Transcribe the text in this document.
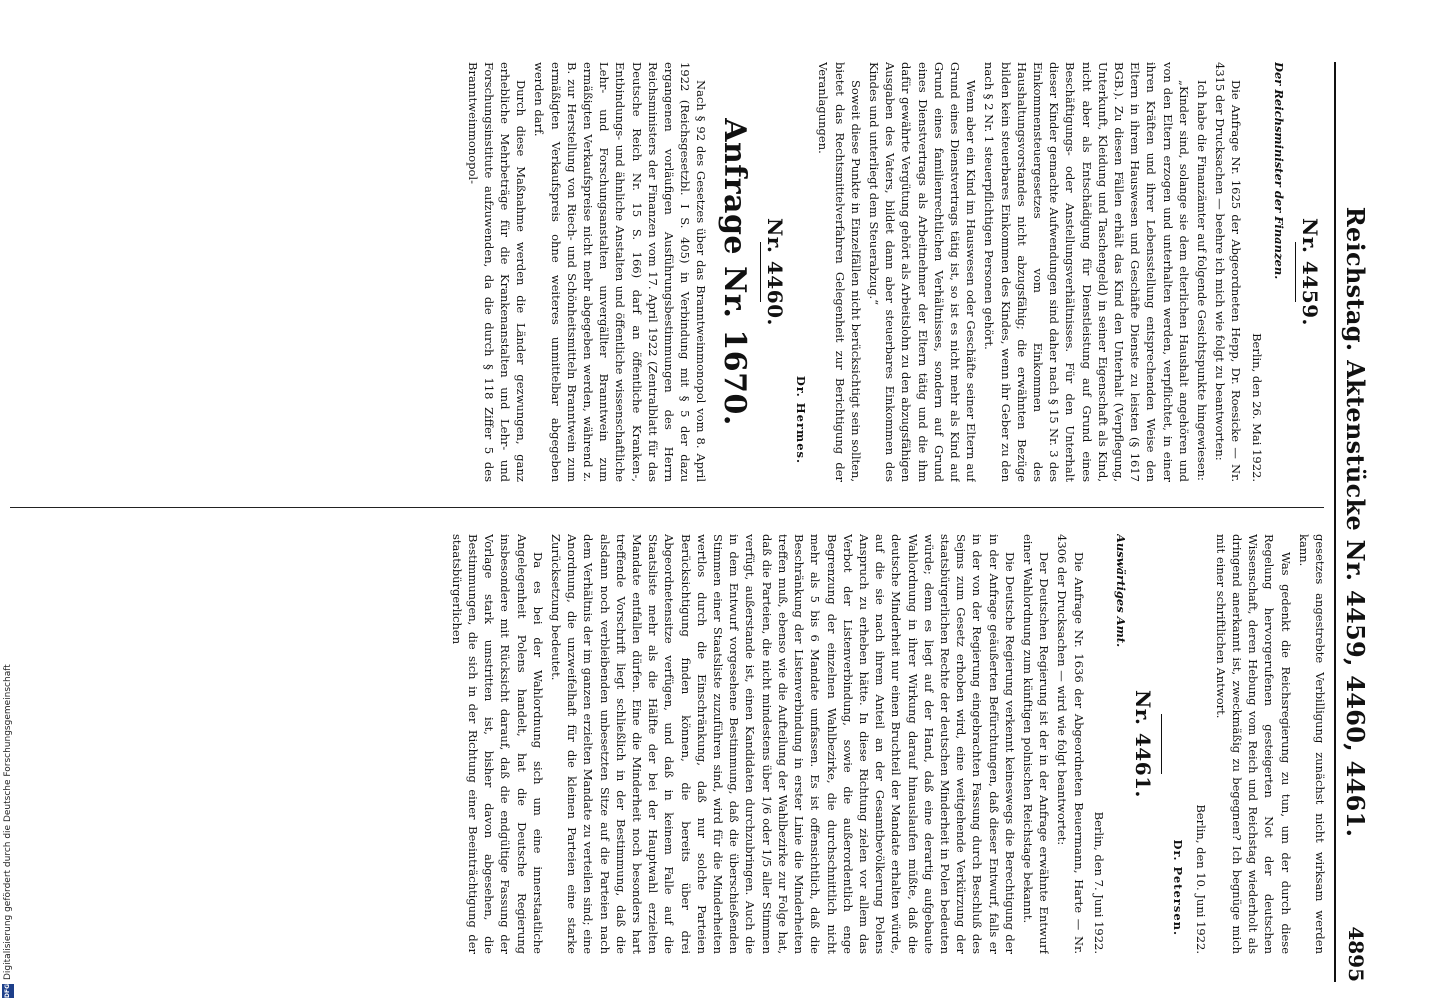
DFG
Digitalisierung gefördert durch die Deutsche Forschungsgemeinschaft	Reichstag. Aktenstücke Nr. 4459, 4460, 4461.
4895
Nr. 4459.
Der Reichsminister der Finanzen.
Berlin, den 26. Mai 1922.

Die Anfrage Nr. 1625 der Abgeordneten Hepp, Dr. Roesicke — Nr. 4315 der Drucksachen — beehre ich mich wie folgt zu beantworten:

Ich habe die Finanzämter auf folgende Gesichtspunkte hingewiesen:

„Kinder sind, solange sie dem elterlichen Haushalt angehören und von den Eltern erzogen und unterhalten werden, verpflichtet, in einer ihren Kräften und ihrer Lebensstellung entsprechenden Weise den Eltern in ihrem Hauswesen und Geschäfte Dienste zu leisten (§ 1617 BGB.). Zu diesen Fällen erhält das Kind den Unterhalt (Verpflegung, Unterkunft, Kleidung und Taschengeld) in seiner Eigenschaft als Kind, nicht aber als Entschädigung für Dienstleistung auf Grund eines Beschäftigungs- oder Anstellungsverhältnisses. Für den Unterhalt dieser Kinder gemachte Aufwendungen sind daher nach § 15 Nr. 3 des Einkommensteuergesetzes vom Einkommen des Haushaltungsvorstandes nicht abzugsfähig; die erwähnten Bezüge bilden kein steuerbares Einkommen des Kindes, wenn ihr Geber zu den nach § 2 Nr. 1 steuerpflichtigen Personen gehört.

Wenn aber ein Kind im Hauswesen oder Geschäfte seiner Eltern auf Grund eines Dienstvertrags tätig ist, so ist es nicht mehr als Kind auf Grund eines familienrechtlichen Verhältnisses, sondern auf Grund eines Dienstvertrags als Arbeitnehmer der Eltern tätig und die ihm dafür gewährte Vergütung gehört als Arbeitslohn zu den abzugsfähigen Ausgaben des Vaters, bildet dann aber steuerbares Einkommen des Kindes und unterliegt dem Steuerabzug.“

Soweit diese Punkte in Einzelfällen nicht berücksichtigt sein sollten, bietet das Rechtsmittelverfahren Gelegenheit zur Berichtigung der Veranlagungen.

Dr. Hermes.
Nr. 4460.
Anfrage Nr. 1670.

Nach § 92 des Gesetzes über das Branntweinmonopol vom 8. April 1922 (Reichsgesetzbl. I S. 405) in Verbindung mit § 5 der dazu ergangenen vorläufigen Ausführungsbestimmungen des Herrn Reichsministers der Finanzen vom 17. April 1922 (Zentralblatt für das Deutsche Reich Nr. 15 S. 166) darf an öffentliche Kranken-, Entbindungs- und ähnliche Anstalten und öffentliche wissenschaftliche Lehr- und Forschungsanstalten unvergällter Branntwein zum ermäßigten Verkaufspreise nicht mehr abgegeben werden, während z. B. zur Herstellung von Riech- und Schönheitsmitteln Branntwein zum ermäßigten Verkaufspreis ohne weiteres unmittelbar abgegeben werden darf.

Durch diese Maßnahme werden die Länder gezwungen, ganz erhebliche Mehrbeträge für die Krankenanstalten und Lehr- und Forschungsinstitute aufzuwenden, da die durch § 118 Ziffer 5 des Branntweinmonopol-

gesetzes angestrebte Verbilligung zunächst nicht wirksam werden kann.

Was gedenkt die Reichsregierung zu tun, um der durch diese Regelung hervorgerufenen gesteigerten Not der deutschen Wissenschaft, deren Hebung vom Reich und Reichstag wiederholt als dringend anerkannt ist, zweckmäßig zu begegnen? Ich begnüge mich mit einer schriftlichen Antwort.

Berlin, den 10. Juni 1922.
Dr. Petersen.
Nr. 4461.
Auswärtiges Amt.
Berlin, den 7. Juni 1922.

Die Anfrage Nr. 1636 der Abgeordneten Beuermann, Harte — Nr. 4306 der Drucksachen — wird wie folgt beantwortet:

Der Deutschen Regierung ist der in der Anfrage erwähnte Entwurf einer Wahlordnung zum künftigen polnischen Reichstage bekannt.

Die Deutsche Regierung verkennt keineswegs die Berechtigung der in der Anfrage geäußerten Befürchtungen, daß dieser Entwurf, falls er in der von der Regierung eingebrachten Fassung durch Beschluß des Sejms zum Gesetz erhoben wird, eine weitgehende Verkürzung der staatsbürgerlichen Rechte der deutschen Minderheit in Polen bedeuten würde; denn es liegt auf der Hand, daß eine derartig aufgebaute Wahlordnung in ihrer Wirkung darauf hinauslaufen müßte, daß die deutsche Minderheit nur einen Bruchteil der Mandate erhalten würde, auf die sie nach ihrem Anteil an der Gesamtbevölkerung Polens Anspruch zu erheben hätte. In diese Richtung zielen vor allem das Verbot der Listenverbindung, sowie die außerordentlich enge Begrenzung der einzelnen Wahlbezirke, die durchschnittlich nicht mehr als 5 bis 6 Mandate umfassen. Es ist offensichtlich, daß die Beschränkung der Listenverbindung in erster Linie die Minderheiten treffen muß, ebenso wie die Aufteilung der Wahlbezirke zur Folge hat, daß die Parteien, die nicht mindestens über 1/6 oder 1/5 aller Stimmen verfügt, außerstande ist, einen Kandidaten durchzubringen. Auch die in dem Entwurf vorgesehene Bestimmung, daß die überschießenden Stimmen einer Staatsliste zuzuführen sind, wird für die Minderheiten wertlos durch die Einschränkung, daß nur solche Parteien Berücksichtigung finden können, die bereits über drei Abgeordnetensitze verfügen, und daß in keinem Falle auf die Staatsliste mehr als die Hälfte der bei der Hauptwahl erzielten Mandate entfallen dürfen. Eine die Minderheit noch besonders hart treffende Vorschrift liegt schließlich in der Bestimmung, daß die alsdann noch verbleibenden unbesetzten Sitze auf die Parteien nach dem Verhältnis der im ganzen erzielten Mandate zu verteilen sind; eine Anordnung, die unzweifelhaft für die kleinen Parteien eine starke Zurücksetzung bedeutet.

Da es bei der Wahlordnung sich um eine innerstaatliche Angelegenheit Polens handelt, hat die Deutsche Regierung insbesondere mit Rücksicht darauf, daß die endgültige Fassung der Vorlage stark umstritten ist, bisher davon abgesehen, die Bestimmungen, die sich in der Richtung einer Beeinträchtigung der staatsbürgerlichen
